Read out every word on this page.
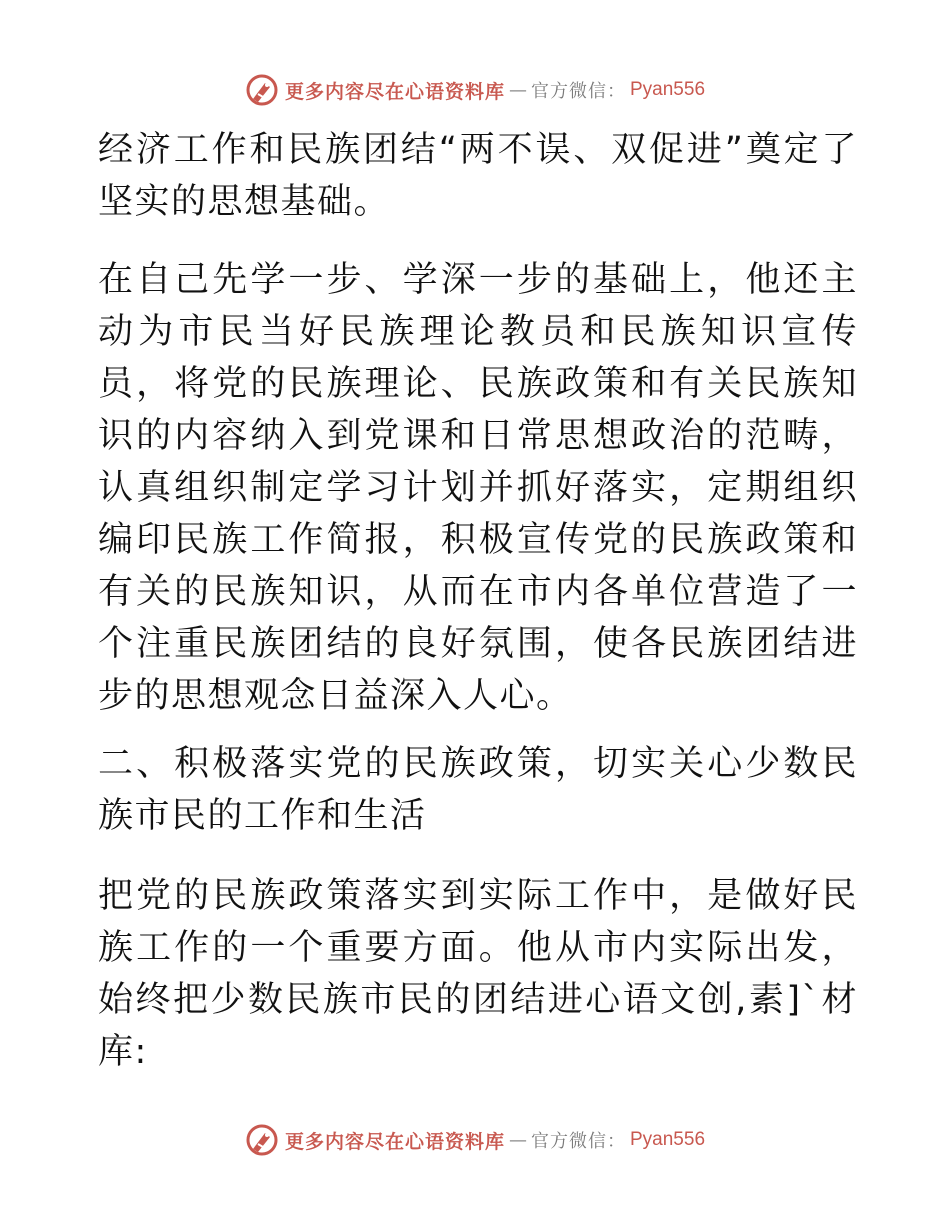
更多内容尽在心语资料库 — 官方微信： Pyan556

经济工作和民族团结“两不误、双促进”奠定了坚实的思想基础。

在自己先学一步、学深一步的基础上，他还主动为市民当好民族理论教员和民族知识宣传员，将党的民族理论、民族政策和有关民族知识的内容纳入到党课和日常思想政治的范畴，认真组织制定学习计划并抓好落实，定期组织编印民族工作简报，积极宣传党的民族政策和有关的民族知识，从而在市内各单位营造了一个注重民族团结的良好氛围，使各民族团结进步的思想观念日益深入人心。

二、积极落实党的民族政策，切实关心少数民族市民的工作和生活

把党的民族政策落实到实际工作中，是做好民族工作的一个重要方面。他从市内实际出发，始终把少数民族市民的团结进心语文创,素]`材库:

更多内容尽在心语资料库 — 官方微信： Pyan556
